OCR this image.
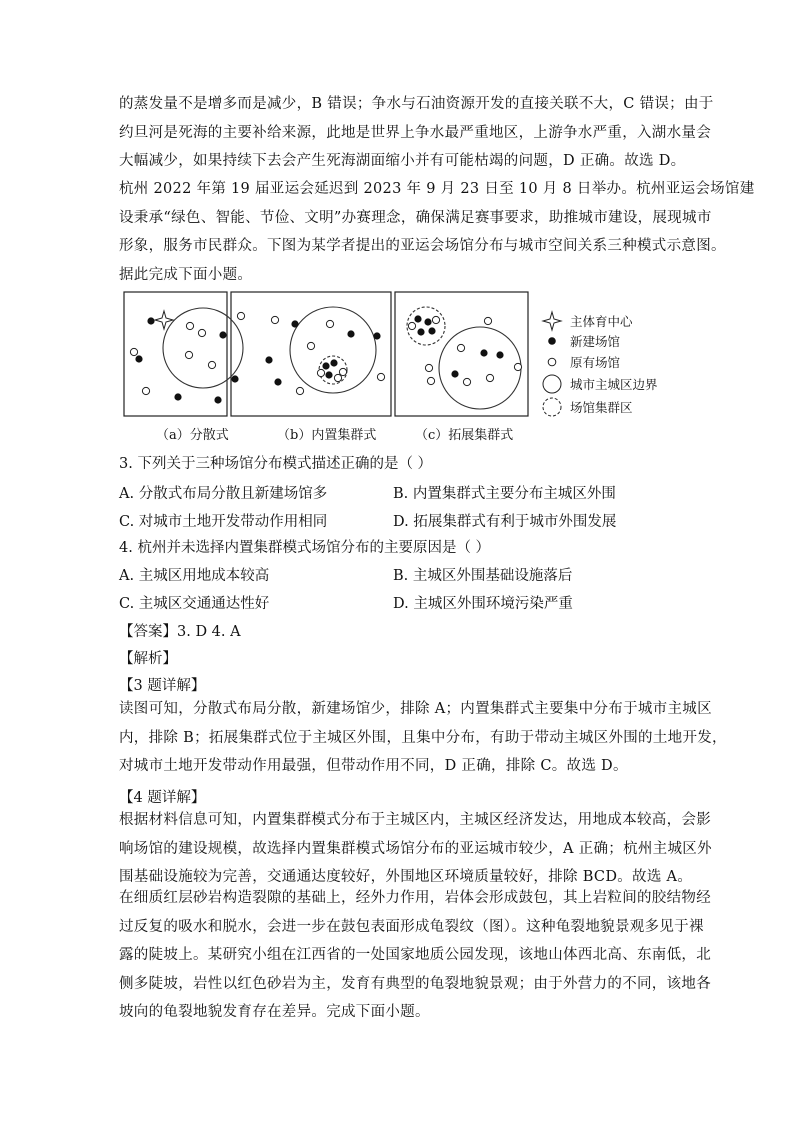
的蒸发量不是增多而是减少，B 错误；争水与石油资源开发的直接关联不大，C 错误；由于
约旦河是死海的主要补给来源，此地是世界上争水最严重地区，上游争水严重，入湖水量会
大幅减少，如果持续下去会产生死海湖面缩小并有可能枯竭的问题，D 正确。故选 D。
杭州 2022 年第 19 届亚运会延迟到 2023 年 9 月 23 日至 10 月 8 日举办。杭州亚运会场馆建
设秉承“绿色、智能、节俭、文明”办赛理念，确保满足赛事要求，助推城市建设，展现城市
形象，服务市民群众。下图为某学者提出的亚运会场馆分布与城市空间关系三种模式示意图。
据此完成下面小题。
（a）分散式	（b）内置集群式	（c）拓展集群式
主体育中心
新建场馆
原有场馆
城市主城区边界
场馆集群区
3. 下列关于三种场馆分布模式描述正确的是（ ）
A. 分散式布局分散且新建场馆多	B. 内置集群式主要分布主城区外围
C. 对城市土地开发带动作用相同	D. 拓展集群式有利于城市外围发展
4. 杭州并未选择内置集群模式场馆分布的主要原因是（ ）
A. 主城区用地成本较高	B. 主城区外围基础设施落后
C. 主城区交通通达性好	D. 主城区外围环境污染严重
【答案】3. D 4. A
【解析】
【3 题详解】
读图可知，分散式布局分散，新建场馆少，排除 A；内置集群式主要集中分布于城市主城区
内，排除 B；拓展集群式位于主城区外围，且集中分布，有助于带动主城区外围的土地开发，
对城市土地开发带动作用最强，但带动作用不同，D 正确，排除 C。故选 D。
【4 题详解】
根据材料信息可知，内置集群模式分布于主城区内，主城区经济发达，用地成本较高，会影
响场馆的建设规模，故选择内置集群模式场馆分布的亚运城市较少，A 正确；杭州主城区外
围基础设施较为完善，交通通达度较好，外围地区环境质量较好，排除 BCD。故选 A。
在细质红层砂岩构造裂隙的基础上，经外力作用，岩体会形成鼓包，其上岩粒间的胶结物经
过反复的吸水和脱水，会进一步在鼓包表面形成龟裂纹（图）。这种龟裂地貌景观多见于裸
露的陡坡上。某研究小组在江西省的一处国家地质公园发现，该地山体西北高、东南低，北
侧多陡坡，岩性以红色砂岩为主，发育有典型的龟裂地貌景观；由于外营力的不同，该地各
坡向的龟裂地貌发育存在差异。完成下面小题。
